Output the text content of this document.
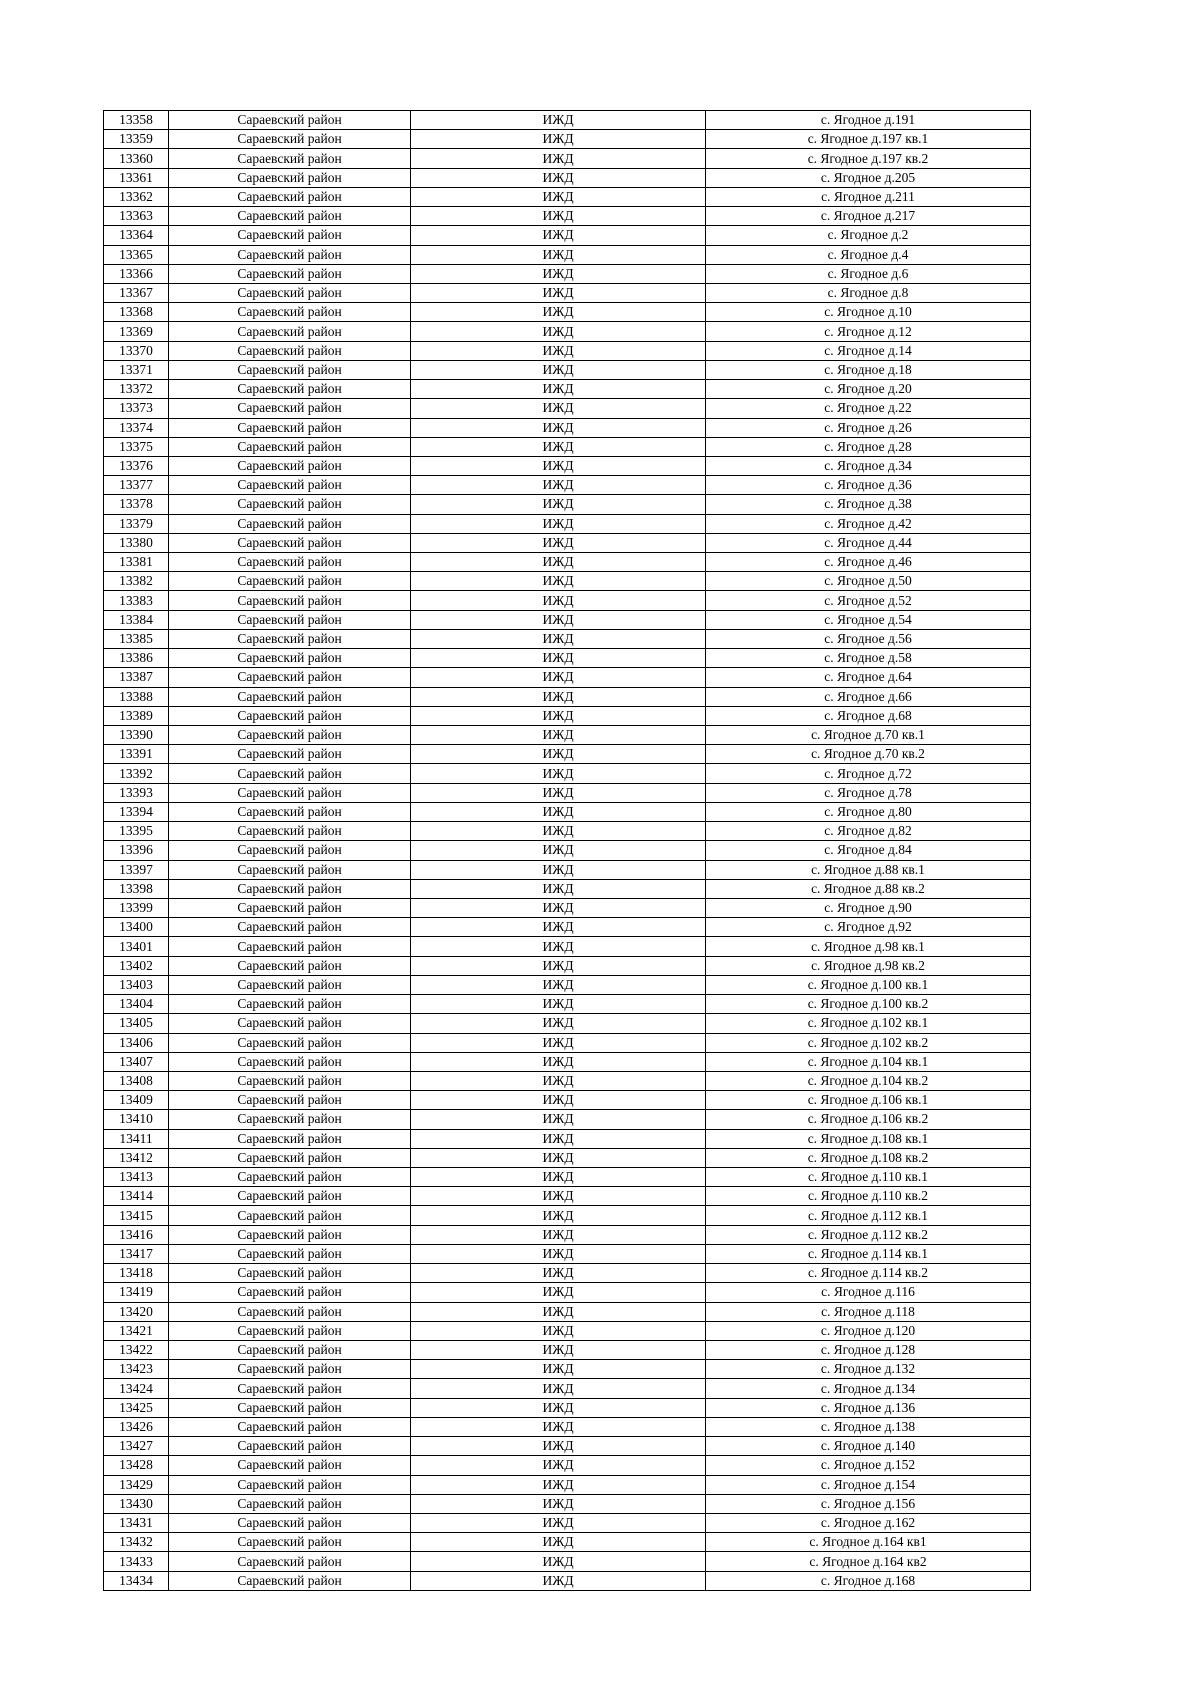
13358	Сараевский район	ИЖД	с. Ягодное д.191
13359	Сараевский район	ИЖД	с. Ягодное д.197 кв.1
13360	Сараевский район	ИЖД	с. Ягодное д.197 кв.2
13361	Сараевский район	ИЖД	с. Ягодное д.205
13362	Сараевский район	ИЖД	с. Ягодное д.211
13363	Сараевский район	ИЖД	с. Ягодное д.217
13364	Сараевский район	ИЖД	с. Ягодное д.2
13365	Сараевский район	ИЖД	с. Ягодное д.4
13366	Сараевский район	ИЖД	с. Ягодное д.6
13367	Сараевский район	ИЖД	с. Ягодное д.8
13368	Сараевский район	ИЖД	с. Ягодное д.10
13369	Сараевский район	ИЖД	с. Ягодное д.12
13370	Сараевский район	ИЖД	с. Ягодное д.14
13371	Сараевский район	ИЖД	с. Ягодное д.18
13372	Сараевский район	ИЖД	с. Ягодное д.20
13373	Сараевский район	ИЖД	с. Ягодное д.22
13374	Сараевский район	ИЖД	с. Ягодное д.26
13375	Сараевский район	ИЖД	с. Ягодное д.28
13376	Сараевский район	ИЖД	с. Ягодное д.34
13377	Сараевский район	ИЖД	с. Ягодное д.36
13378	Сараевский район	ИЖД	с. Ягодное д.38
13379	Сараевский район	ИЖД	с. Ягодное д.42
13380	Сараевский район	ИЖД	с. Ягодное д.44
13381	Сараевский район	ИЖД	с. Ягодное д.46
13382	Сараевский район	ИЖД	с. Ягодное д.50
13383	Сараевский район	ИЖД	с. Ягодное д.52
13384	Сараевский район	ИЖД	с. Ягодное д.54
13385	Сараевский район	ИЖД	с. Ягодное д.56
13386	Сараевский район	ИЖД	с. Ягодное д.58
13387	Сараевский район	ИЖД	с. Ягодное д.64
13388	Сараевский район	ИЖД	с. Ягодное д.66
13389	Сараевский район	ИЖД	с. Ягодное д.68
13390	Сараевский район	ИЖД	с. Ягодное д.70 кв.1
13391	Сараевский район	ИЖД	с. Ягодное д.70 кв.2
13392	Сараевский район	ИЖД	с. Ягодное д.72
13393	Сараевский район	ИЖД	с. Ягодное д.78
13394	Сараевский район	ИЖД	с. Ягодное д.80
13395	Сараевский район	ИЖД	с. Ягодное д.82
13396	Сараевский район	ИЖД	с. Ягодное д.84
13397	Сараевский район	ИЖД	с. Ягодное д.88 кв.1
13398	Сараевский район	ИЖД	с. Ягодное д.88 кв.2
13399	Сараевский район	ИЖД	с. Ягодное д.90
13400	Сараевский район	ИЖД	с. Ягодное д.92
13401	Сараевский район	ИЖД	с. Ягодное д.98 кв.1
13402	Сараевский район	ИЖД	с. Ягодное д.98 кв.2
13403	Сараевский район	ИЖД	с. Ягодное д.100 кв.1
13404	Сараевский район	ИЖД	с. Ягодное д.100 кв.2
13405	Сараевский район	ИЖД	с. Ягодное д.102 кв.1
13406	Сараевский район	ИЖД	с. Ягодное д.102 кв.2
13407	Сараевский район	ИЖД	с. Ягодное д.104 кв.1
13408	Сараевский район	ИЖД	с. Ягодное д.104 кв.2
13409	Сараевский район	ИЖД	с. Ягодное д.106 кв.1
13410	Сараевский район	ИЖД	с. Ягодное д.106 кв.2
13411	Сараевский район	ИЖД	с. Ягодное д.108 кв.1
13412	Сараевский район	ИЖД	с. Ягодное д.108 кв.2
13413	Сараевский район	ИЖД	с. Ягодное д.110 кв.1
13414	Сараевский район	ИЖД	с. Ягодное д.110 кв.2
13415	Сараевский район	ИЖД	с. Ягодное д.112 кв.1
13416	Сараевский район	ИЖД	с. Ягодное д.112 кв.2
13417	Сараевский район	ИЖД	с. Ягодное д.114 кв.1
13418	Сараевский район	ИЖД	с. Ягодное д.114 кв.2
13419	Сараевский район	ИЖД	с. Ягодное д.116
13420	Сараевский район	ИЖД	с. Ягодное д.118
13421	Сараевский район	ИЖД	с. Ягодное д.120
13422	Сараевский район	ИЖД	с. Ягодное д.128
13423	Сараевский район	ИЖД	с. Ягодное д.132
13424	Сараевский район	ИЖД	с. Ягодное д.134
13425	Сараевский район	ИЖД	с. Ягодное д.136
13426	Сараевский район	ИЖД	с. Ягодное д.138
13427	Сараевский район	ИЖД	с. Ягодное д.140
13428	Сараевский район	ИЖД	с. Ягодное д.152
13429	Сараевский район	ИЖД	с. Ягодное д.154
13430	Сараевский район	ИЖД	с. Ягодное д.156
13431	Сараевский район	ИЖД	с. Ягодное д.162
13432	Сараевский район	ИЖД	с. Ягодное д.164 кв1
13433	Сараевский район	ИЖД	с. Ягодное д.164 кв2
13434	Сараевский район	ИЖД	с. Ягодное д.168
